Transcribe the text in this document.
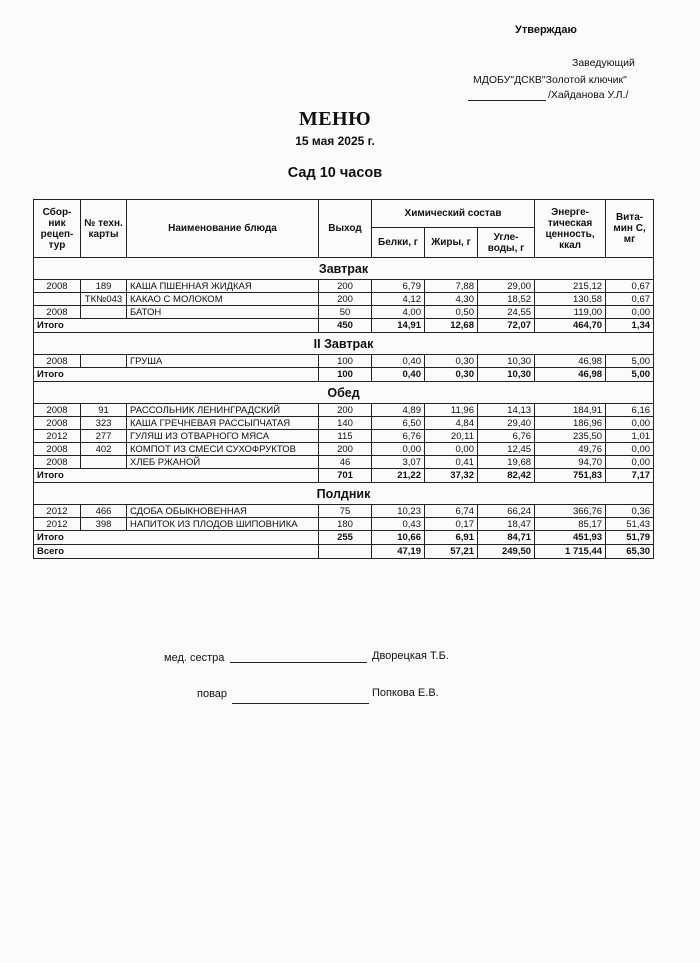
Утверждаю
Заведующий
МДОБУ"ДСКВ"Золотой ключик"
/Хайданова У.Л./
МЕНЮ
15 мая 2025 г.
Сад 10 часов
Сбор-ник рецеп-тур	№ техн. карты	Наименование блюда	Выход	Химический состав			Энерге-тическая ценность, ккал	Вита-мин С, мг
				Белки, г	Жиры, г	Угле-воды, г		
Завтрак								
2008	189	КАША ПШЕННАЯ ЖИДКАЯ	200	6,79	7,88	29,00	215,12	0,67
	ТК№043	КАКАО С МОЛОКОМ	200	4,12	4,30	18,52	130,58	0,67
2008		БАТОН	50	4,00	0,50	24,55	119,00	0,00
Итого			450	14,91	12,68	72,07	464,70	1,34
II Завтрак								
2008		ГРУША	100	0,40	0,30	10,30	46,98	5,00
Итого			100	0,40	0,30	10,30	46,98	5,00
Обед								
2008	91	РАССОЛЬНИК ЛЕНИНГРАДСКИЙ	200	4,89	11,96	14,13	184,91	6,16
2008	323	КАША ГРЕЧНЕВАЯ РАССЫПЧАТАЯ	140	6,50	4,84	29,40	186,96	0,00
2012	277	ГУЛЯШ ИЗ ОТВАРНОГО МЯСА	115	6,76	20,11	6,76	235,50	1,01
2008	402	КОМПОТ ИЗ СМЕСИ СУХОФРУКТОВ	200	0,00	0,00	12,45	49,76	0,00
2008		ХЛЕБ РЖАНОЙ	46	3,07	0,41	19,68	94,70	0,00
Итого			701	21,22	37,32	82,42	751,83	7,17
Полдник								
2012	466	СДОБА ОБЫКНОВЕННАЯ	75	10,23	6,74	66,24	366,76	0,36
2012	398	НАПИТОК ИЗ ПЛОДОВ ШИПОВНИКА	180	0,43	0,17	18,47	85,17	51,43
Итого			255	10,66	6,91	84,71	451,93	51,79
Всего				47,19	57,21	249,50	1 715,44	65,30
мед. сестра	Дворецкая Т.Б.
повар	Попкова Е.В.
